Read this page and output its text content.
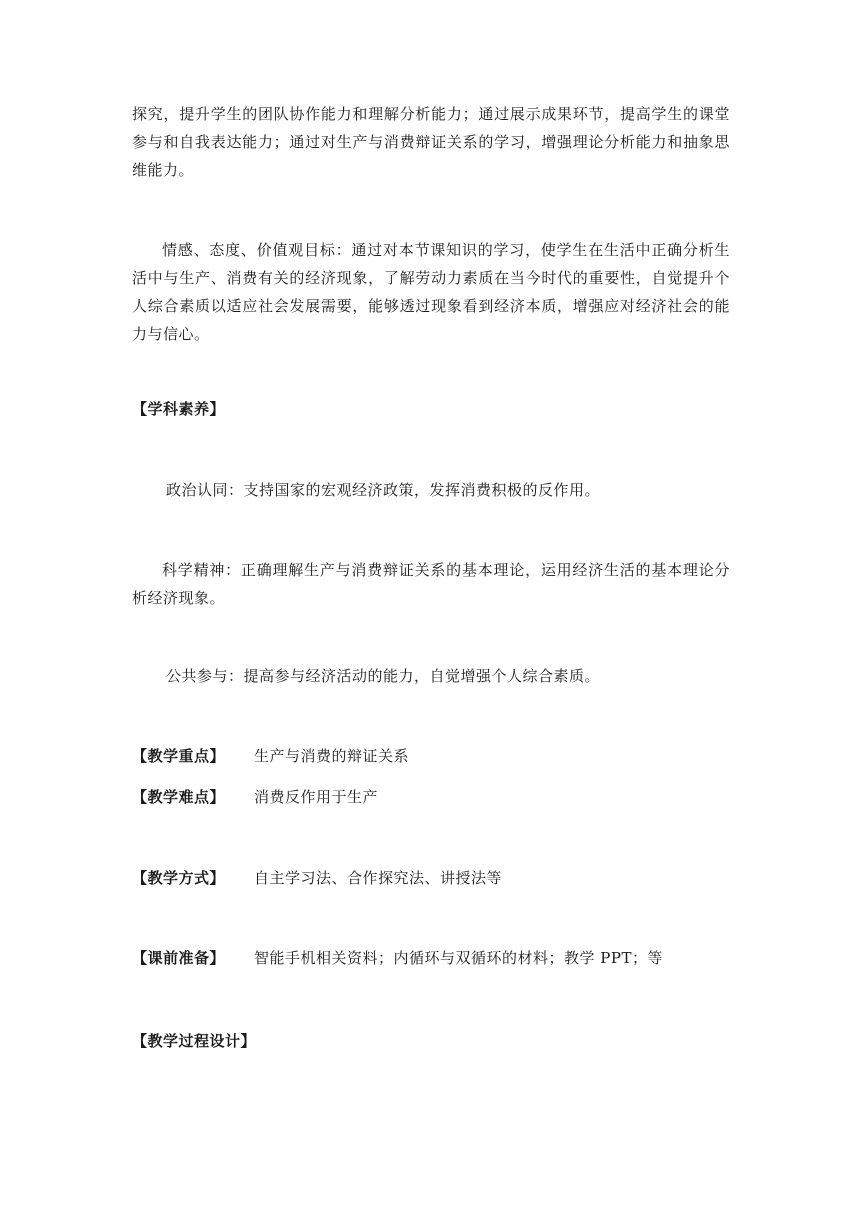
探究，提升学生的团队协作能力和理解分析能力；通过展示成果环节，提高学生的课堂参与和自我表达能力；通过对生产与消费辩证关系的学习，增强理论分析能力和抽象思维能力。

情感、态度、价值观目标：通过对本节课知识的学习，使学生在生活中正确分析生活中与生产、消费有关的经济现象，了解劳动力素质在当今时代的重要性，自觉提升个人综合素质以适应社会发展需要，能够透过现象看到经济本质，增强应对经济社会的能力与信心。

【学科素养】

政治认同：支持国家的宏观经济政策，发挥消费积极的反作用。

科学精神：正确理解生产与消费辩证关系的基本理论，运用经济生活的基本理论分析经济现象。

公共参与：提高参与经济活动的能力，自觉增强个人综合素质。

【教学重点】 生产与消费的辩证关系
【教学难点】 消费反作用于生产
【教学方式】 自主学习法、合作探究法、讲授法等
【课前准备】 智能手机相关资料；内循环与双循环的材料；教学 PPT；等

【教学过程设计】
